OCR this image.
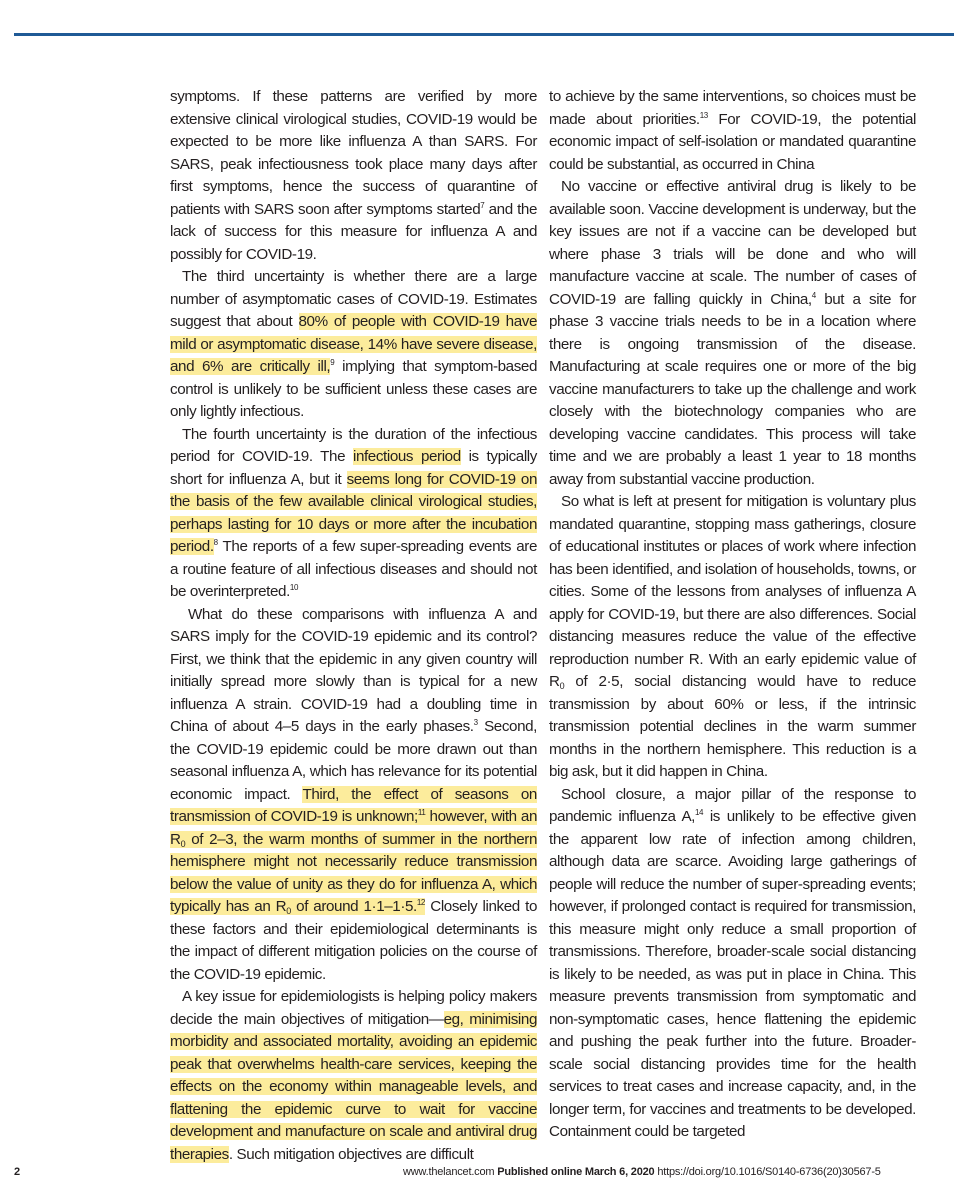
symptoms. If these patterns are verified by more extensive clinical virological studies, COVID-19 would be expected to be more like influenza A than SARS. For SARS, peak infectiousness took place many days after first symptoms, hence the success of quarantine of patients with SARS soon after symptoms started$^7$ and the lack of success for this measure for influenza A and possibly for COVID-19.

The third uncertainty is whether there are a large number of asymptomatic cases of COVID-19. Estimates suggest that about 80% of people with COVID-19 have mild or asymptomatic disease, 14% have severe disease, and 6% are critically ill,$^9$ implying that symptom-based control is unlikely to be sufficient unless these cases are only lightly infectious.

The fourth uncertainty is the duration of the infectious period for COVID-19. The infectious period is typically short for influenza A, but it seems long for COVID-19 on the basis of the few available clinical virological studies, perhaps lasting for 10 days or more after the incubation period.$^8$ The reports of a few super-spreading events are a routine feature of all infectious diseases and should not be overinterpreted.$^{10}$

What do these comparisons with influenza A and SARS imply for the COVID-19 epidemic and its control? First, we think that the epidemic in any given country will initially spread more slowly than is typical for a new influenza A strain. COVID-19 had a doubling time in China of about 4–5 days in the early phases.$^3$ Second, the COVID-19 epidemic could be more drawn out than seasonal influenza A, which has relevance for its potential economic impact. Third, the effect of seasons on transmission of COVID-19 is unknown;$^{11}$ however, with an $R_0$ of 2–3, the warm months of summer in the northern hemisphere might not necessarily reduce transmission below the value of unity as they do for influenza A, which typically has an $R_0$ of around 1·1–1·5.12 Closely linked to these factors and their epidemiological determinants is the impact of different mitigation policies on the course of the COVID-19 epidemic.

A key issue for epidemiologists is helping policy makers decide the main objectives of mitigation—eg, minimising morbidity and associated mortality, avoiding an epidemic peak that overwhelms health-care services, keeping the effects on the economy within manageable levels, and flattening the epidemic curve to wait for vaccine development and manufacture on scale and antiviral drug therapies. Such mitigation objectives are difficult

to achieve by the same interventions, so choices must be made about priorities.$^{13}$ For COVID-19, the potential economic impact of self-isolation or mandated quarantine could be substantial, as occurred in China

No vaccine or effective antiviral drug is likely to be available soon. Vaccine development is underway, but the key issues are not if a vaccine can be developed but where phase 3 trials will be done and who will manufacture vaccine at scale. The number of cases of COVID-19 are falling quickly in China,$^4$ but a site for phase 3 vaccine trials needs to be in a location where there is ongoing transmission of the disease. Manufacturing at scale requires one or more of the big vaccine manufacturers to take up the challenge and work closely with the biotechnology companies who are developing vaccine candidates. This process will take time and we are probably a least 1 year to 18 months away from substantial vaccine production.

So what is left at present for mitigation is voluntary plus mandated quarantine, stopping mass gatherings, closure of educational institutes or places of work where infection has been identified, and isolation of households, towns, or cities. Some of the lessons from analyses of influenza A apply for COVID-19, but there are also differences. Social distancing measures reduce the value of the effective reproduction number R. With an early epidemic value of $R_0$ of 2·5, social distancing would have to reduce transmission by about 60% or less, if the intrinsic transmission potential declines in the warm summer months in the northern hemisphere. This reduction is a big ask, but it did happen in China.

School closure, a major pillar of the response to pandemic influenza A,$^{14}$ is unlikely to be effective given the apparent low rate of infection among children, although data are scarce. Avoiding large gatherings of people will reduce the number of super-spreading events; however, if prolonged contact is required for transmission, this measure might only reduce a small proportion of transmissions. Therefore, broader-scale social distancing is likely to be needed, as was put in place in China. This measure prevents transmission from symptomatic and non-symptomatic cases, hence flattening the epidemic and pushing the peak further into the future. Broader-scale social distancing provides time for the health services to treat cases and increase capacity, and, in the longer term, for vaccines and treatments to be developed. Containment could be targeted

2	www.thelancet.com Published online March 6, 2020 https://doi.org/10.1016/S0140-6736(20)30567-5
